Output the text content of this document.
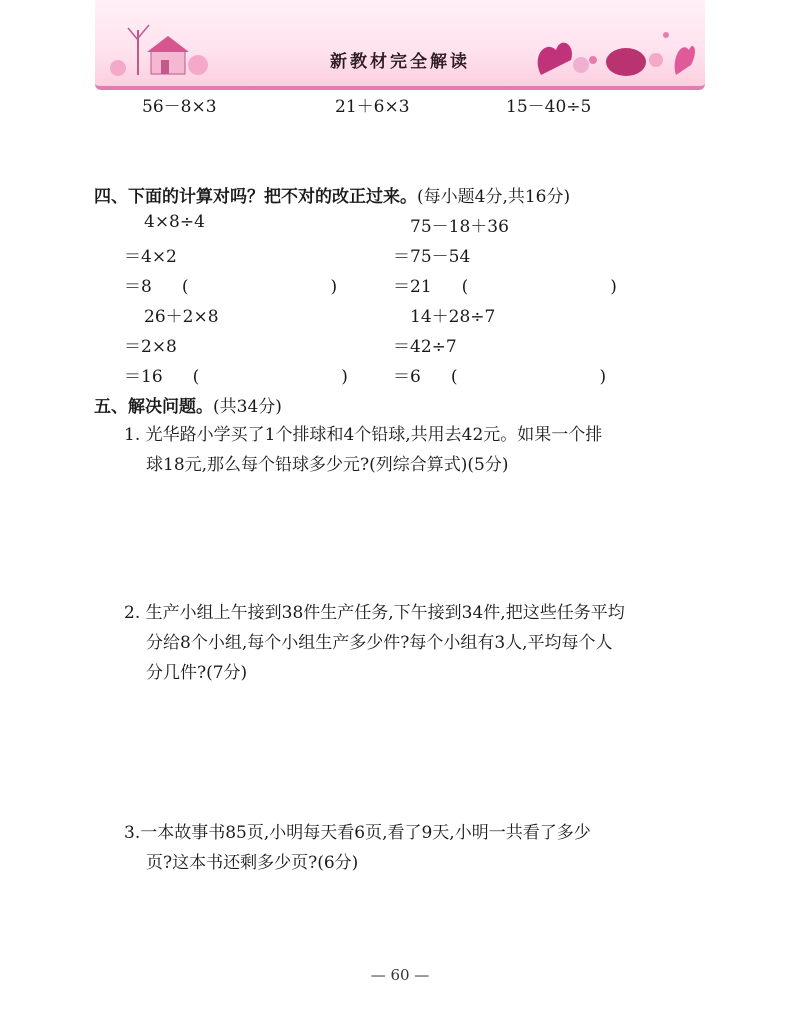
新教材完全解读
56－8×3	21＋6×3	15－40÷5
四、下面的计算对吗？把不对的改正过来。(每小题4分,共16分)
4×8÷4
＝4×2
＝8 (　　)
75－18＋36
＝75－54
＝21 (　　)
26＋2×8
＝2×8
＝16 (　　)
14＋28÷7
＝42÷7
＝6 (　　)
五、解决问题。(共34分)
1. 光华路小学买了1个排球和4个铅球,共用去42元。如果一个排
球18元,那么每个铅球多少元?(列综合算式)(5分)
2. 生产小组上午接到38件生产任务,下午接到34件,把这些任务平均
分给8个小组,每个小组生产多少件?每个小组有3人,平均每个人
分几件?(7分)
3.一本故事书85页,小明每天看6页,看了9天,小明一共看了多少
页?这本书还剩多少页?(6分)
— 60 —
